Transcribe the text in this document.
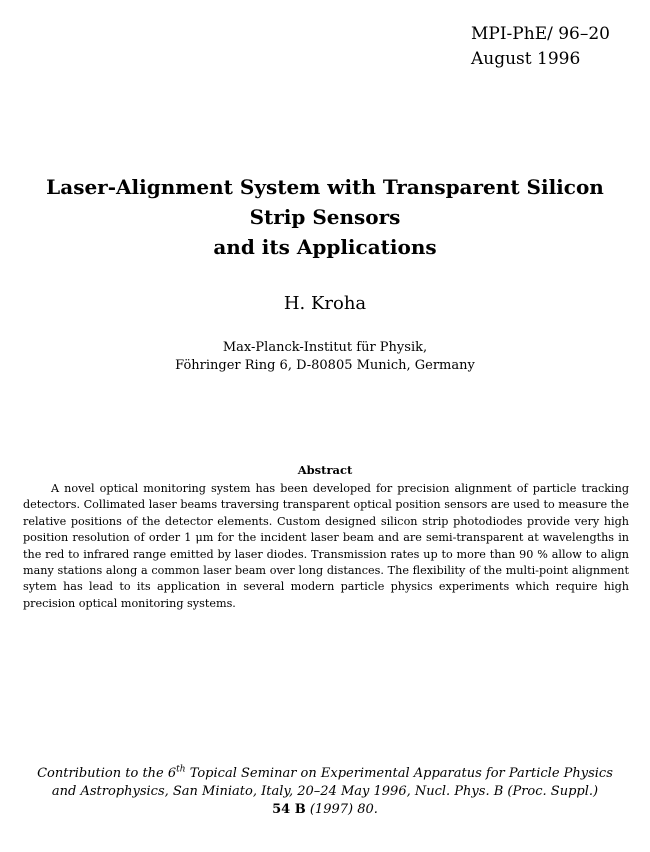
MPI-PhE/ 96–20
August 1996
Laser-Alignment System with Transparent Silicon
Strip Sensors
and its Applications
H. Kroha
Max-Planck-Institut für Physik,
Föhringer Ring 6, D-80805 Munich, Germany
Abstract
A novel optical monitoring system has been developed for precision alignment of particle tracking detectors. Collimated laser beams traversing transparent optical position sensors are used to measure the relative positions of the detector elements. Custom designed silicon strip photodiodes provide very high position resolution of order 1 μm for the incident laser beam and are semi-transparent at wavelengths in the red to infrared range emitted by laser diodes. Transmission rates up to more than 90 % allow to align many stations along a common laser beam over long distances. The flexibility of the multi-point alignment sytem has lead to its application in several modern particle physics experiments which require high precision optical monitoring systems.
Contribution to the 6th Topical Seminar on Experimental Apparatus for Particle Physics
and Astrophysics, San Miniato, Italy, 20–24 May 1996, Nucl. Phys. B (Proc. Suppl.)
54 B (1997) 80.
